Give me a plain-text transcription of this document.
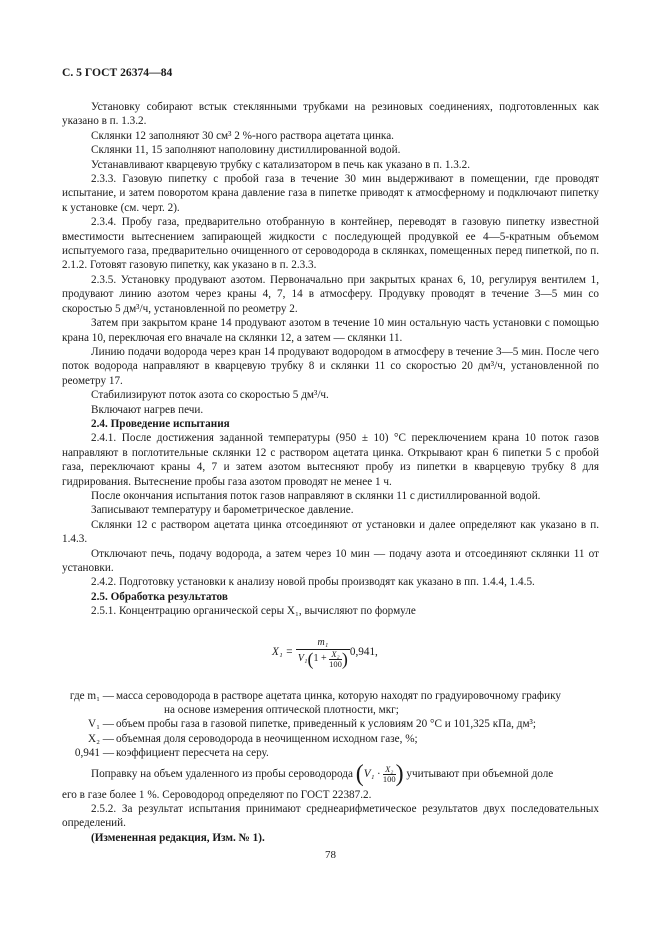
С. 5 ГОСТ 26374—84

Установку собирают встык стеклянными трубками на резиновых соединениях, подготовленных как указано в п. 1.3.2.

Склянки 12 заполняют 30 см³ 2 %-ного раствора ацетата цинка.

Склянки 11, 15 заполняют наполовину дистиллированной водой.

Устанавливают кварцевую трубку с катализатором в печь как указано в п. 1.3.2.

2.3.3. Газовую пипетку с пробой газа в течение 30 мин выдерживают в помещении, где проводят испытание, и затем поворотом крана давление газа в пипетке приводят к атмосферному и подключают пипетку к установке (см. черт. 2).

2.3.4. Пробу газа, предварительно отобранную в контейнер, переводят в газовую пипетку известной вместимости вытеснением запирающей жидкости с последующей продувкой ее 4—5-кратным объемом испытуемого газа, предварительно очищенного от сероводорода в склянках, помещенных перед пипеткой, по п. 2.1.2. Готовят газовую пипетку, как указано в п. 2.3.3.

2.3.5. Установку продувают азотом. Первоначально при закрытых кранах 6, 10, регулируя вентилем 1, продувают линию азотом через краны 4, 7, 14 в атмосферу. Продувку проводят в течение 3—5 мин со скоростью 5 дм³/ч, установленной по реометру 2.

Затем при закрытом кране 14 продувают азотом в течение 10 мин остальную часть установки с помощью крана 10, переключая его вначале на склянки 12, а затем — склянки 11.

Линию подачи водорода через кран 14 продувают водородом в атмосферу в течение 3—5 мин. После чего поток водорода направляют в кварцевую трубку 8 и склянки 11 со скоростью 20 дм³/ч, установленной по реометру 17.

Стабилизируют поток азота со скоростью 5 дм³/ч.

Включают нагрев печи.

2.4. Проведение испытания

2.4.1. После достижения заданной температуры (950 ± 10) °С переключением крана 10 поток газов направляют в поглотительные склянки 12 с раствором ацетата цинка. Открывают кран 6 пипетки 5 с пробой газа, переключают краны 4, 7 и затем азотом вытесняют пробу из пипетки в кварцевую трубку 8 для гидрирования. Вытеснение пробы газа азотом проводят не менее 1 ч.

После окончания испытания поток газов направляют в склянки 11 с дистиллированной водой.

Записывают температуру и барометрическое давление.

Склянки 12 с раствором ацетата цинка отсоединяют от установки и далее определяют как указано в п. 1.4.3.

Отключают печь, подачу водорода, а затем через 10 мин — подачу азота и отсоединяют склянки 11 от установки.

2.4.2. Подготовку установки к анализу новой пробы производят как указано в пп. 1.4.4, 1.4.5.

2.5. Обработка результатов

2.5.1. Концентрацию органической серы X₁, вычисляют по формуле

X₁ =

m₁
V₁ ( 1 +
$\frac{\text{X₂}}{100}$ ) 0,941,
где m₁ — масса сероводорода в растворе ацетата цинка, которую находят по градуировочному графику
на основе измерения оптической плотности, мкг;
V₁ — объем пробы газа в газовой пипетке, приведенный к условиям 20 °С и 101,325 кПа, дм³;
X₂ — объемная доля сероводорода в неочищенном исходном газе, %;
0,941 — коэффициент пересчета на серу.
Поправку на объем удаленного из пробы сероводорода
( V₁ ·
$\frac{\text{X₂}}{100}$ )
учитывают при объемной доле

его в газе более 1 %. Сероводород определяют по ГОСТ 22387.2.

2.5.2. За результат испытания принимают среднеарифметическое результатов двух последовательных определений.

(Измененная редакция, Изм. № 1).

78
